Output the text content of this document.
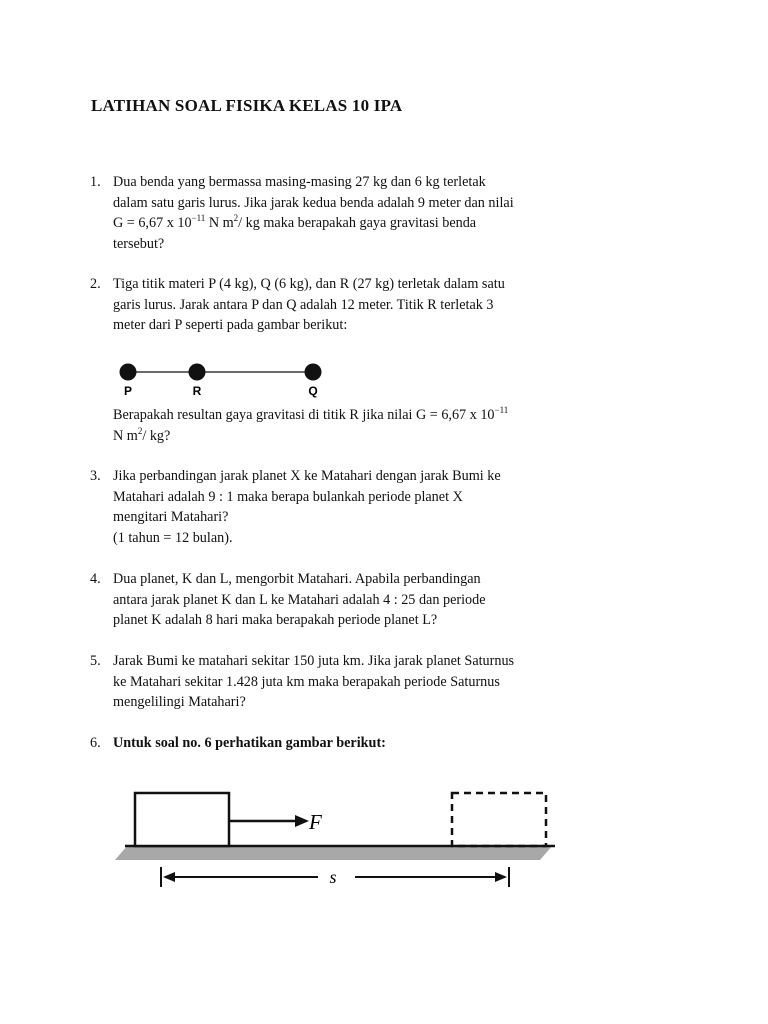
LATIHAN SOAL FISIKA KELAS 10 IPA
1. Dua benda yang bermassa masing-masing 27 kg dan 6 kg terletak
dalam satu garis lurus. Jika jarak kedua benda adalah 9 meter dan nilai
G = 6,67 x $10^{-11}$ N $m^2/$ kg maka berapakah gaya gravitasi benda
tersebut?
2. Tiga titik materi P (4 kg), Q (6 kg), dan R (27 kg) terletak dalam satu
garis lurus. Jarak antara P dan Q adalah 12 meter. Titik R terletak 3
meter dari P seperti pada gambar berikut:
P	R	Q
Berapakah resultan gaya gravitasi di titik R jika nilai G = 6,67 x $10^{-11}$
N $m^2/$ kg?
3. Jika perbandingan jarak planet X ke Matahari dengan jarak Bumi ke
Matahari adalah 9 : 1 maka berapa bulankah periode planet X
mengitari Matahari?
(1 tahun = 12 bulan).
4. Dua planet, K dan L, mengorbit Matahari. Apabila perbandingan
antara jarak planet K dan L ke Matahari adalah 4 : 25 dan periode
planet K adalah 8 hari maka berapakah periode planet L?
5. Jarak Bumi ke matahari sekitar 150 juta km. Jika jarak planet Saturnus
ke Matahari sekitar 1.428 juta km maka berapakah periode Saturnus
mengelilingi Matahari?
6. Untuk soal no. 6 perhatikan gambar berikut:
F
s
